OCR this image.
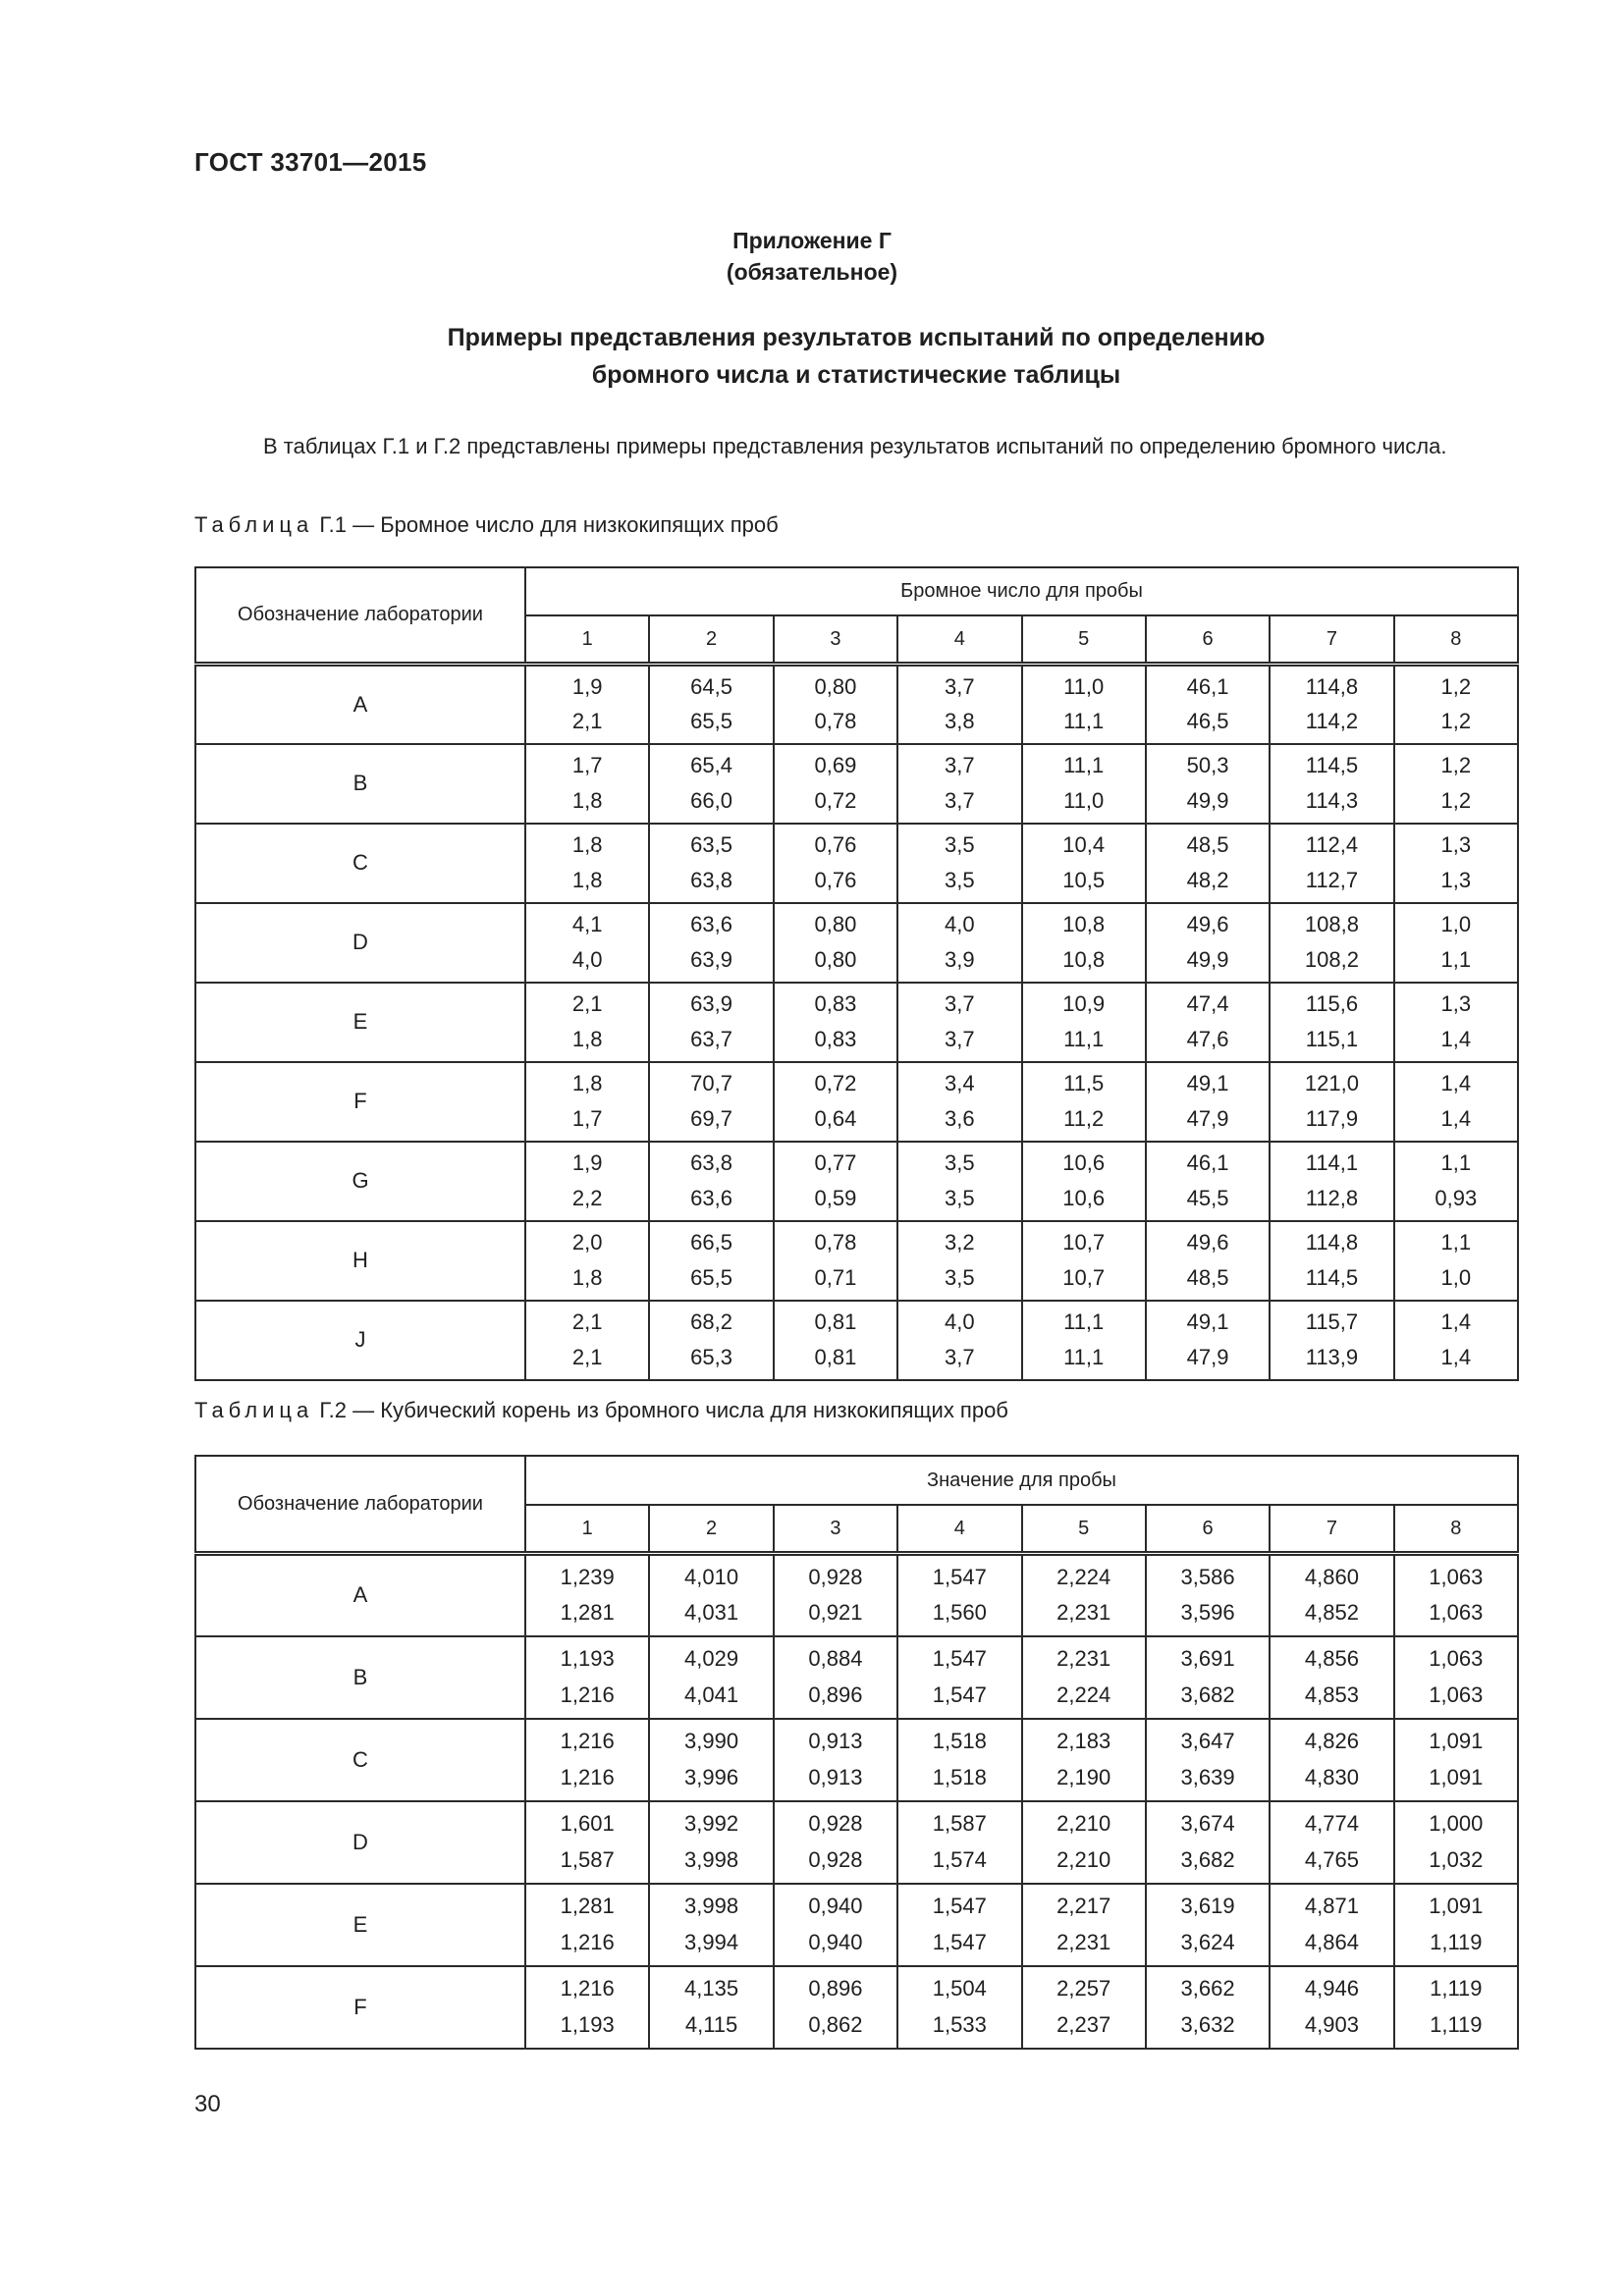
ГОСТ 33701—2015
Приложение Г
(обязательное)
Примеры представления результатов испытаний по определению
бромного числа и статистические таблицы
В таблицах Г.1 и Г.2 представлены примеры представления результатов испытаний по определению бромного числа.
Таблица Г.1 — Бромное число для низкокипящих проб
Обозначение лаборатории	Бромное число для пробы							
	1	2	3	4	5	6	7	8
A	1,9	64,5	0,80	3,7	11,0	46,1	114,8	1,2
	2,1	65,5	0,78	3,8	11,1	46,5	114,2	1,2
B	1,7	65,4	0,69	3,7	11,1	50,3	114,5	1,2
	1,8	66,0	0,72	3,7	11,0	49,9	114,3	1,2
C	1,8	63,5	0,76	3,5	10,4	48,5	112,4	1,3
	1,8	63,8	0,76	3,5	10,5	48,2	112,7	1,3
D	4,1	63,6	0,80	4,0	10,8	49,6	108,8	1,0
	4,0	63,9	0,80	3,9	10,8	49,9	108,2	1,1
E	2,1	63,9	0,83	3,7	10,9	47,4	115,6	1,3
	1,8	63,7	0,83	3,7	11,1	47,6	115,1	1,4
F	1,8	70,7	0,72	3,4	11,5	49,1	121,0	1,4
	1,7	69,7	0,64	3,6	11,2	47,9	117,9	1,4
G	1,9	63,8	0,77	3,5	10,6	46,1	114,1	1,1
	2,2	63,6	0,59	3,5	10,6	45,5	112,8	0,93
H	2,0	66,5	0,78	3,2	10,7	49,6	114,8	1,1
	1,8	65,5	0,71	3,5	10,7	48,5	114,5	1,0
J	2,1	68,2	0,81	4,0	11,1	49,1	115,7	1,4
	2,1	65,3	0,81	3,7	11,1	47,9	113,9	1,4
Таблица Г.2 — Кубический корень из бромного числа для низкокипящих проб
Обозначение лаборатории	Значение для пробы							
	1	2	3	4	5	6	7	8
A	1,239	4,010	0,928	1,547	2,224	3,586	4,860	1,063
	1,281	4,031	0,921	1,560	2,231	3,596	4,852	1,063
B	1,193	4,029	0,884	1,547	2,231	3,691	4,856	1,063
	1,216	4,041	0,896	1,547	2,224	3,682	4,853	1,063
C	1,216	3,990	0,913	1,518	2,183	3,647	4,826	1,091
	1,216	3,996	0,913	1,518	2,190	3,639	4,830	1,091
D	1,601	3,992	0,928	1,587	2,210	3,674	4,774	1,000
	1,587	3,998	0,928	1,574	2,210	3,682	4,765	1,032
E	1,281	3,998	0,940	1,547	2,217	3,619	4,871	1,091
	1,216	3,994	0,940	1,547	2,231	3,624	4,864	1,119
F	1,216	4,135	0,896	1,504	2,257	3,662	4,946	1,119
	1,193	4,115	0,862	1,533	2,237	3,632	4,903	1,119
30
